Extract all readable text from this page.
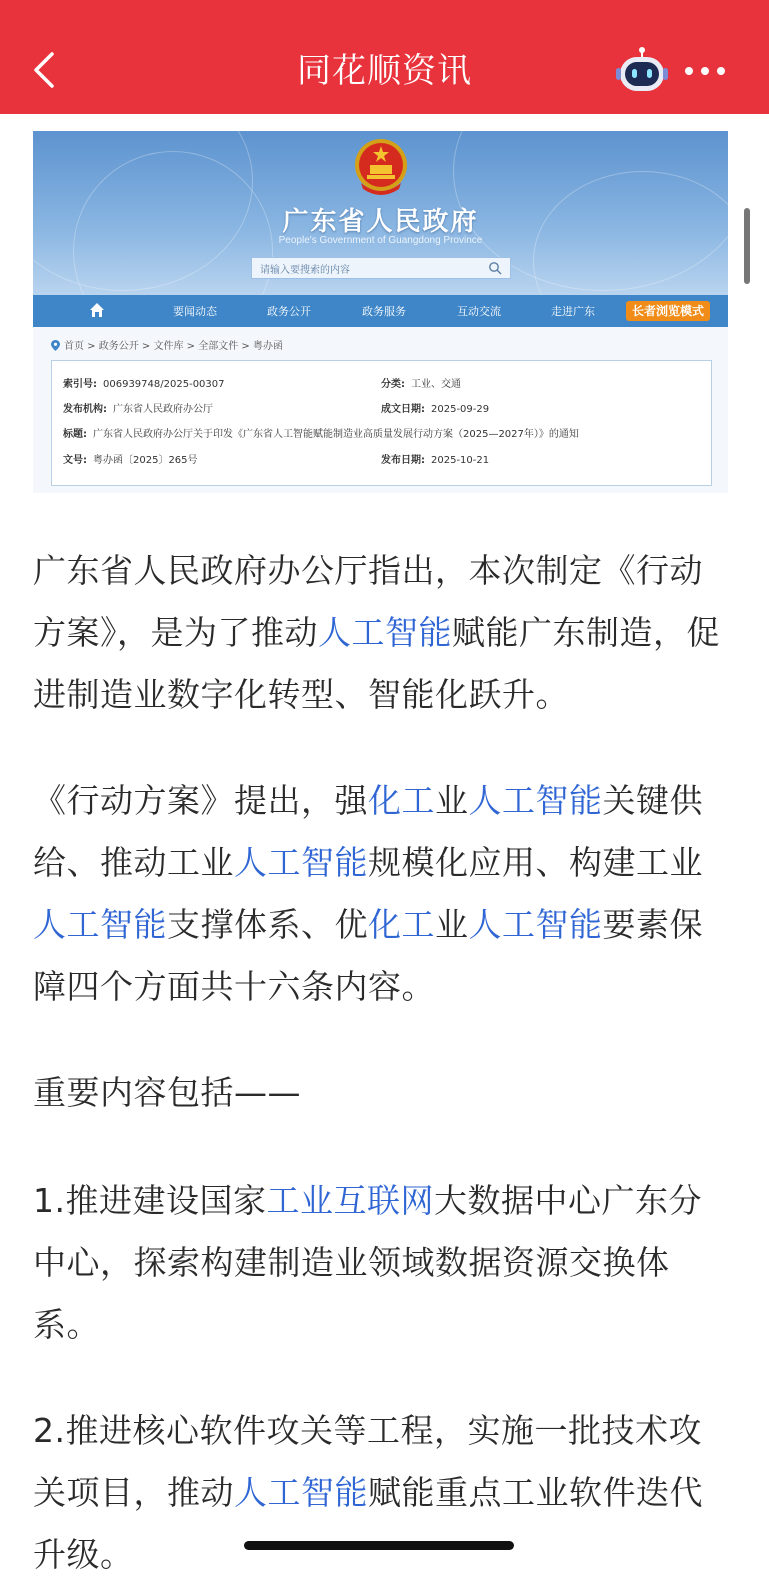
同花顺资讯
广东省人民政府
People's Government of Guangdong Province
请输入要搜索的内容
要闻动态	政务公开	政务服务	互动交流	走进广东	长者浏览模式
首页 > 政务公开 > 文件库 > 全部文件 > 粤办函
索引号: 006939748/2025-00307	分类: 工业、交通
发布机构: 广东省人民政府办公厅	成文日期: 2025-09-29
标题: 广东省人民政府办公厅关于印发《广东省人工智能赋能制造业高质量发展行动方案（2025—2027年）》的通知
文号: 粤办函〔2025〕265号	发布日期: 2025-10-21
广东省人民政府办公厅指出，本次制定《行动方案》，是为了推动人工智能赋能广东制造，促进制造业数字化转型、智能化跃升。
《行动方案》提出，强化工业人工智能关键供给、推动工业人工智能规模化应用、构建工业人工智能支撑体系、优化工业人工智能要素保障四个方面共十六条内容。
重要内容包括——
1.推进建设国家工业互联网大数据中心广东分中心，探索构建制造业领域数据资源交换体系。
2.推进核心软件攻关等工程，实施一批技术攻关项目，推动人工智能赋能重点工业软件迭代升级。
